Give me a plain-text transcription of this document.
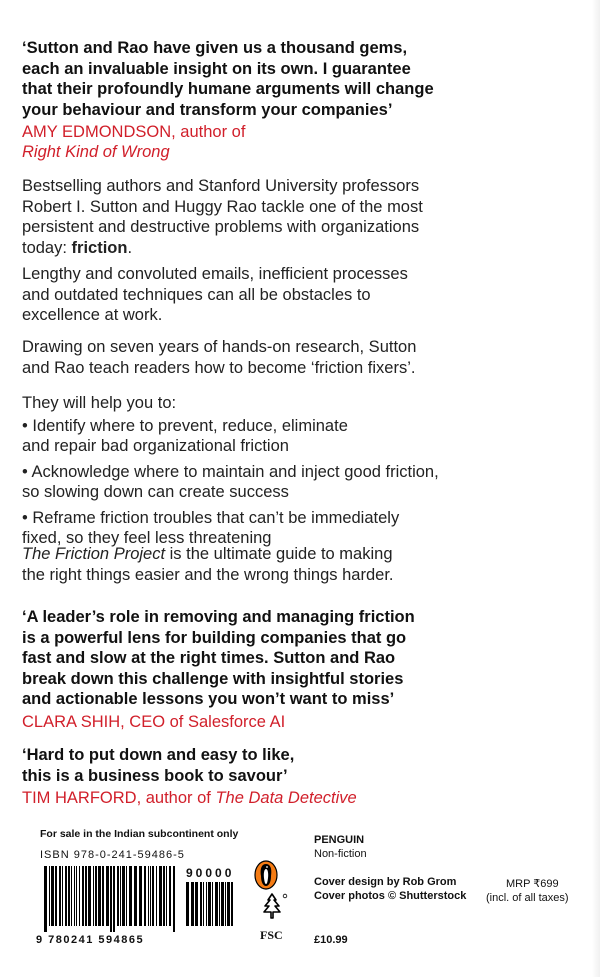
‘Sutton and Rao have given us a thousand gems,
each an invaluable insight on its own. I guarantee
that their profoundly humane arguments will change
your behaviour and transform your companies’
AMY EDMONDSON, author of
Right Kind of Wrong
Bestselling authors and Stanford University professors
Robert I. Sutton and Huggy Rao tackle one of the most
persistent and destructive problems with organizations
today: friction.
Lengthy and convoluted emails, inefficient processes
and outdated techniques can all be obstacles to
excellence at work.
Drawing on seven years of hands-on research, Sutton
and Rao teach readers how to become ‘friction fixers’.
They will help you to:
• Identify where to prevent, reduce, eliminate
and repair bad organizational friction
• Acknowledge where to maintain and inject good friction,
so slowing down can create success
• Reframe friction troubles that can’t be immediately
fixed, so they feel less threatening
The Friction Project is the ultimate guide to making
the right things easier and the wrong things harder.
‘A leader’s role in removing and managing friction
is a powerful lens for building companies that go
fast and slow at the right times. Sutton and Rao
break down this challenge with insightful stories
and actionable lessons you won’t want to miss’
CLARA SHIH, CEO of Salesforce AI
‘Hard to put down and easy to like,
this is a business book to savour’
TIM HARFORD, author of The Data Detective
For sale in the Indian subcontinent only
ISBN 978-0-241-59486-5
90000
9 780241 594865	FSC
PENGUIN
Non-fiction
Cover design by Rob Grom
Cover photos © Shutterstock
£10.99
MRP ₹699
(incl. of all taxes)
